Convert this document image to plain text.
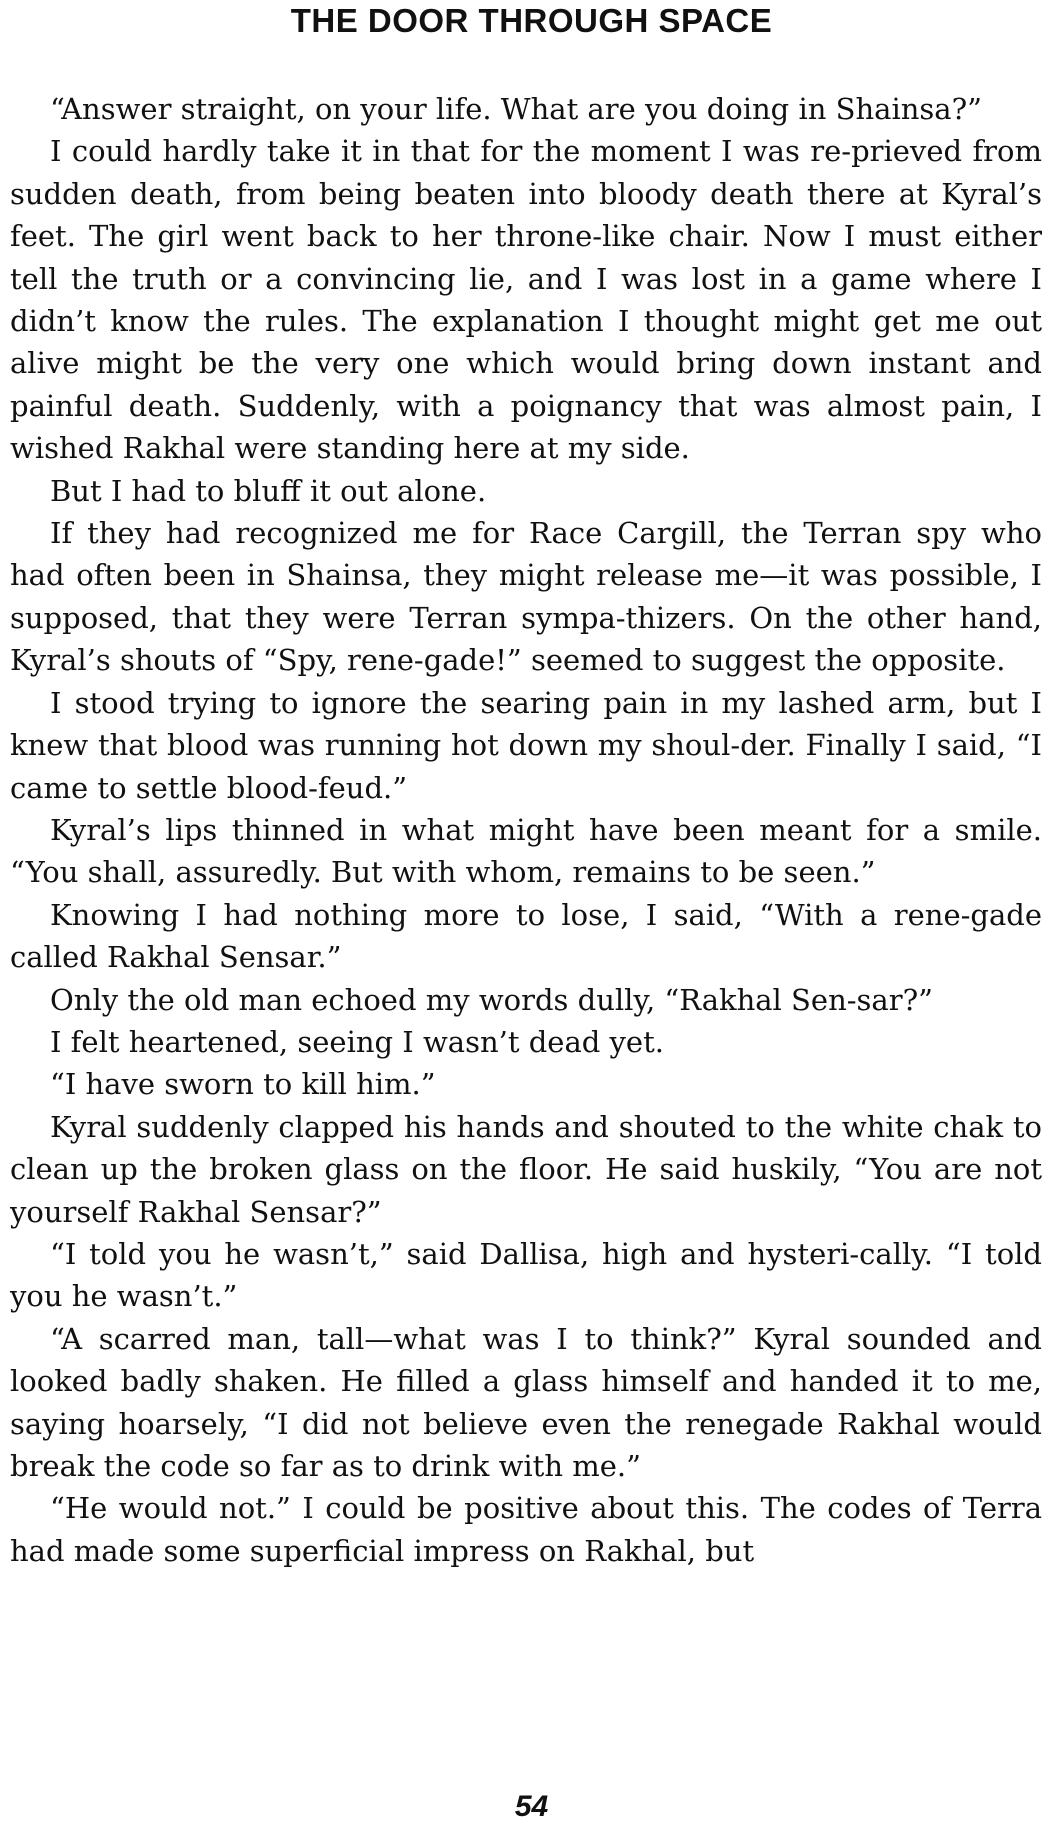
THE DOOR THROUGH SPACE

“Answer straight, on your life. What are you doing in Shainsa?”

I could hardly take it in that for the moment I was re-prieved from sudden death, from being beaten into bloody death there at Kyral’s feet. The girl went back to her throne-like chair. Now I must either tell the truth or a convincing lie, and I was lost in a game where I didn’t know the rules. The explanation I thought might get me out alive might be the very one which would bring down instant and painful death. Suddenly, with a poignancy that was almost pain, I wished Rakhal were standing here at my side.

But I had to bluff it out alone.

If they had recognized me for Race Cargill, the Terran spy who had often been in Shainsa, they might release me—it was possible, I supposed, that they were Terran sympa-thizers. On the other hand, Kyral’s shouts of “Spy, rene-gade!” seemed to suggest the opposite.

I stood trying to ignore the searing pain in my lashed arm, but I knew that blood was running hot down my shoul-der. Finally I said, “I came to settle blood-feud.”

Kyral’s lips thinned in what might have been meant for a smile. “You shall, assuredly. But with whom, remains to be seen.”

Knowing I had nothing more to lose, I said, “With a rene-gade called Rakhal Sensar.”

Only the old man echoed my words dully, “Rakhal Sen-sar?”

I felt heartened, seeing I wasn’t dead yet.

“I have sworn to kill him.”

Kyral suddenly clapped his hands and shouted to the white chak to clean up the broken glass on the floor. He said huskily, “You are not yourself Rakhal Sensar?”

“I told you he wasn’t,” said Dallisa, high and hysteri-cally. “I told you he wasn’t.”

“A scarred man, tall—what was I to think?” Kyral sounded and looked badly shaken. He filled a glass himself and handed it to me, saying hoarsely, “I did not believe even the renegade Rakhal would break the code so far as to drink with me.”

“He would not.” I could be positive about this. The codes of Terra had made some superficial impress on Rakhal, but

54
